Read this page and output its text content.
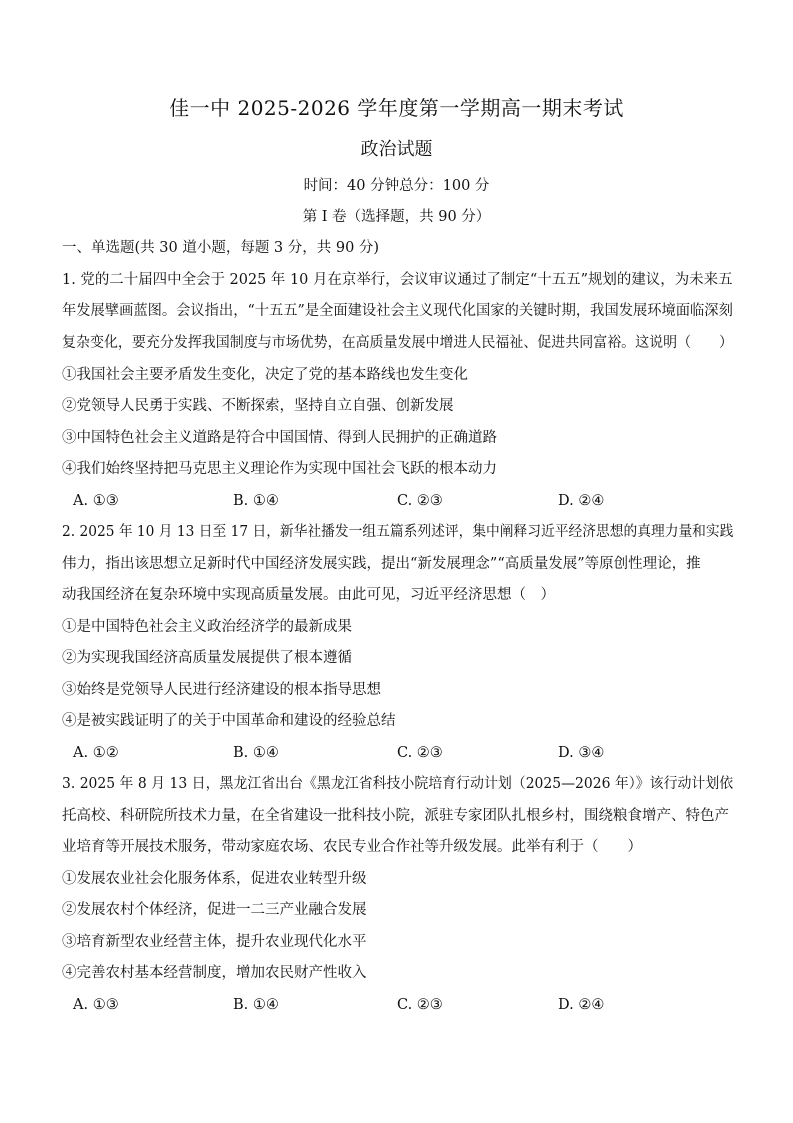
佳一中 2025-2026 学年度第一学期高一期末考试
政治试题
时间：40 分钟总分：100 分
第 I 卷（选择题，共 90 分）
一、单选题(共 30 道小题，每题 3 分，共 90 分)
1. 党的二十届四中全会于 2025 年 10 月在京举行，会议审议通过了制定“十五五”规划的建议，为未来五
年发展擘画蓝图。会议指出，“十五五”是全面建设社会主义现代化国家的关键时期，我国发展环境面临深刻
复杂变化，要充分发挥我国制度与市场优势，在高质量发展中增进人民福祉、促进共同富裕。这说明（　　）
①我国社会主要矛盾发生变化，决定了党的基本路线也发生变化
②党领导人民勇于实践、不断探索，坚持自立自强、创新发展
③中国特色社会主义道路是符合中国国情、得到人民拥护的正确道路
④我们始终坚持把马克思主义理论作为实现中国社会飞跃的根本动力
A. ①③	B. ①④	C. ②③	D. ②④
2. 2025 年 10 月 13 日至 17 日，新华社播发一组五篇系列述评，集中阐释习近平经济思想的真理力量和实践
伟力，指出该思想立足新时代中国经济发展实践，提出“新发展理念”“高质量发展”等原创性理论，推
动我国经济在复杂环境中实现高质量发展。由此可见，习近平经济思想（　）
①是中国特色社会主义政治经济学的最新成果
②为实现我国经济高质量发展提供了根本遵循
③始终是党领导人民进行经济建设的根本指导思想
④是被实践证明了的关于中国革命和建设的经验总结
A. ①②	B. ①④	C. ②③	D. ③④
3. 2025 年 8 月 13 日，黑龙江省出台《黑龙江省科技小院培育行动计划（2025—2026 年）》该行动计划依
托高校、科研院所技术力量，在全省建设一批科技小院，派驻专家团队扎根乡村，围绕粮食增产、特色产
业培育等开展技术服务，带动家庭农场、农民专业合作社等升级发展。此举有利于（　　）
①发展农业社会化服务体系，促进农业转型升级
②发展农村个体经济，促进一二三产业融合发展
③培育新型农业经营主体，提升农业现代化水平
④完善农村基本经营制度，增加农民财产性收入
A. ①③	B. ①④	C. ②③	D. ②④
